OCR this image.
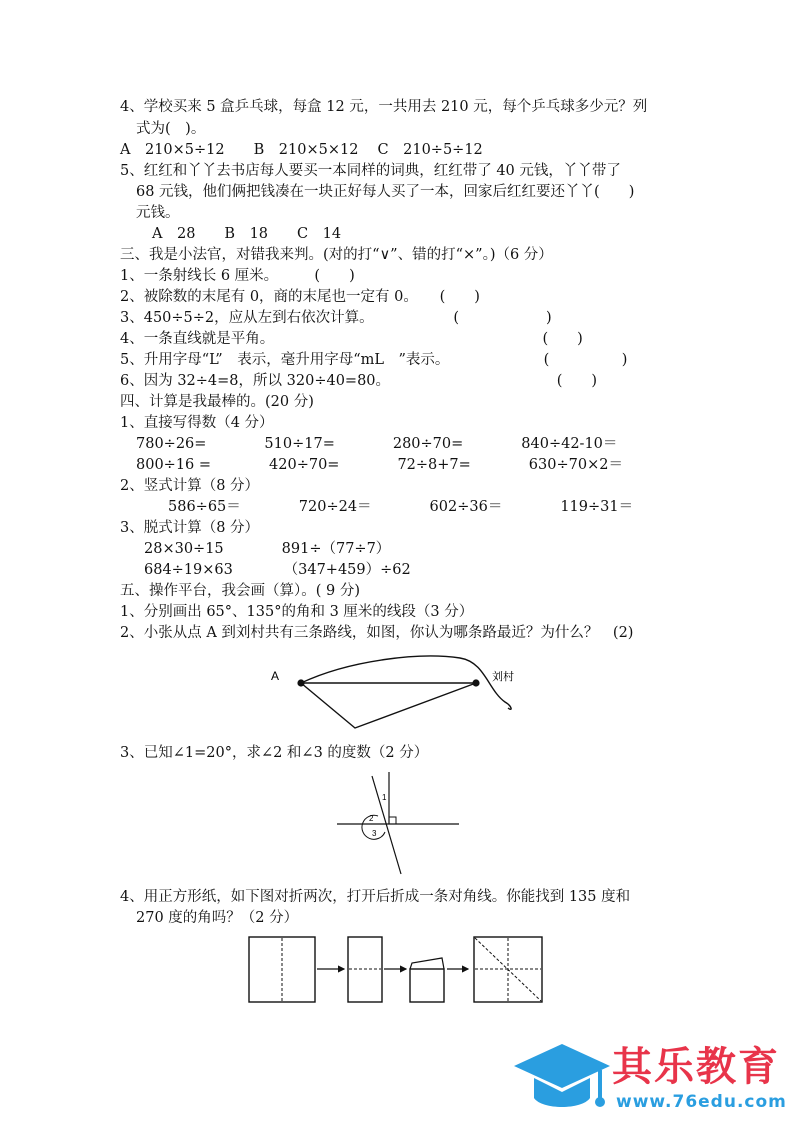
4、学校买来 5 盒乒乓球，每盒 12 元，一共用去 210 元，每个乒乓球多少元？列
式为(　)。
A　210×5÷12　　B　210×5×12　 C　210÷5÷12
5、红红和丫丫去书店每人要买一本同样的词典，红红带了 40 元钱，丫丫带了
68 元钱，他们俩把钱凑在一块正好每人买了一本，回家后红红要还丫丫(　　)
元钱。
A　28　　B　18　　C　14
三、我是小法官，对错我来判。(对的打“∨”、错的打“×”。)（6 分）
1、一条射线长 6 厘米。　　　(　　)
2、被除数的末尾有 0，商的末尾也一定有 0。　　(　　)
3、450÷5÷2，应从左到右依次计算。　　　　　　(　　　　　　)
4、一条直线就是平角。　　　　　　　　　　　　　　　　　　　(　　)
5、升用字母“L”　表示，毫升用字母“mL　”表示。　　　　　　　(　　　　　)
6、因为 32÷4=8，所以 320÷40=80。　　　　　　　　　　　　(　　)
四、计算是我最棒的。(20 分)
1、直接写得数（4 分）
780÷26=　　　　510÷17=　　　　280÷70=　　　　840÷42-10＝
800÷16 =　　　　420÷70=　　　　72÷8+7=　　　　630÷70×2＝
2、竖式计算（8 分）
586÷65＝　　　　720÷24＝　　　　602÷36＝　　　　119÷31＝
3、脱式计算（8 分）
28×30÷15　　　　891÷（77÷7）
684÷19×63　　　　（347+459）÷62
五、操作平台，我会画（算）。( 9 分)
1、分别画出 65°、135°的角和 3 厘米的线段（3 分）
2、小张从点 A 到刘村共有三条路线，如图，你认为哪条路最近？为什么？　(2)
A	刘村
3、已知∠1=20°，求∠2 和∠3 的度数（2 分）
1
2
3
4、用正方形纸，如下图对折两次，打开后折成一条对角线。你能找到 135 度和
270 度的角吗？（2 分）
其乐教育
www.76edu.com
